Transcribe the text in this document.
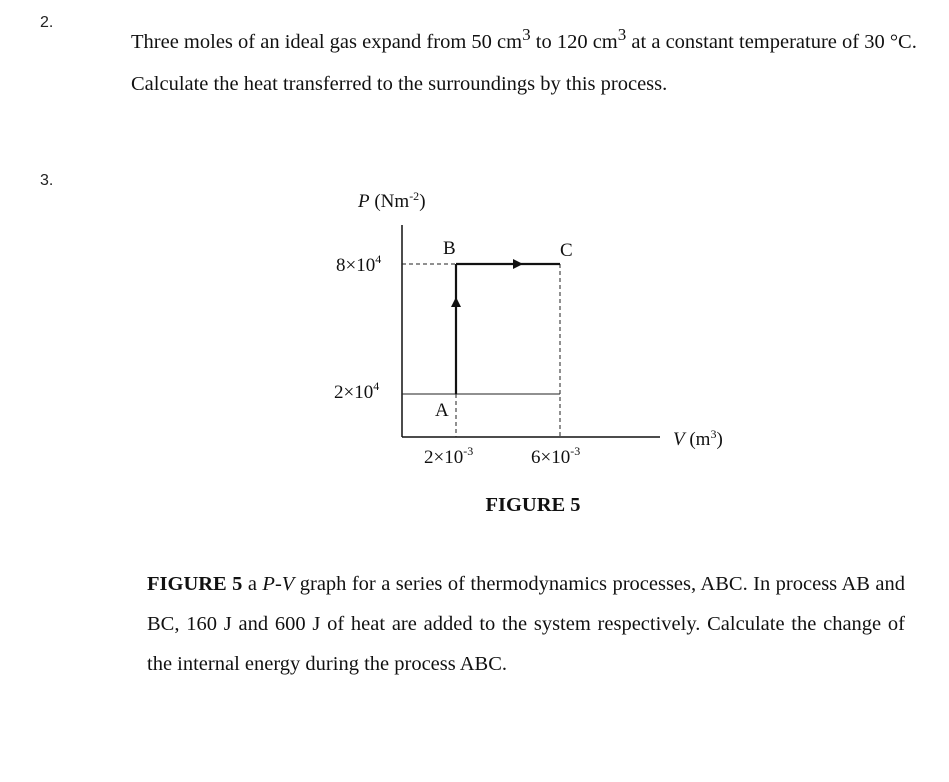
2.

Three moles of an ideal gas expand from 50 $cm^3$ to 120 $cm^3$ at a constant temperature of 30 °C. Calculate the heat transferred to the surroundings by this process.

3.
P $(Nm^{-2})$
V $(m^3)$
$2\times 10^4$
$8\times 10^4$
$2\times 10^{-3}$	$6\times 10^{-3}$
A
B	C
FIGURE 5

FIGURE 5 a P-V graph for a series of thermodynamics processes, ABC. In process AB and BC, 160 J and 600 J of heat are added to the system respectively. Calculate the change of the internal energy during the process ABC.
